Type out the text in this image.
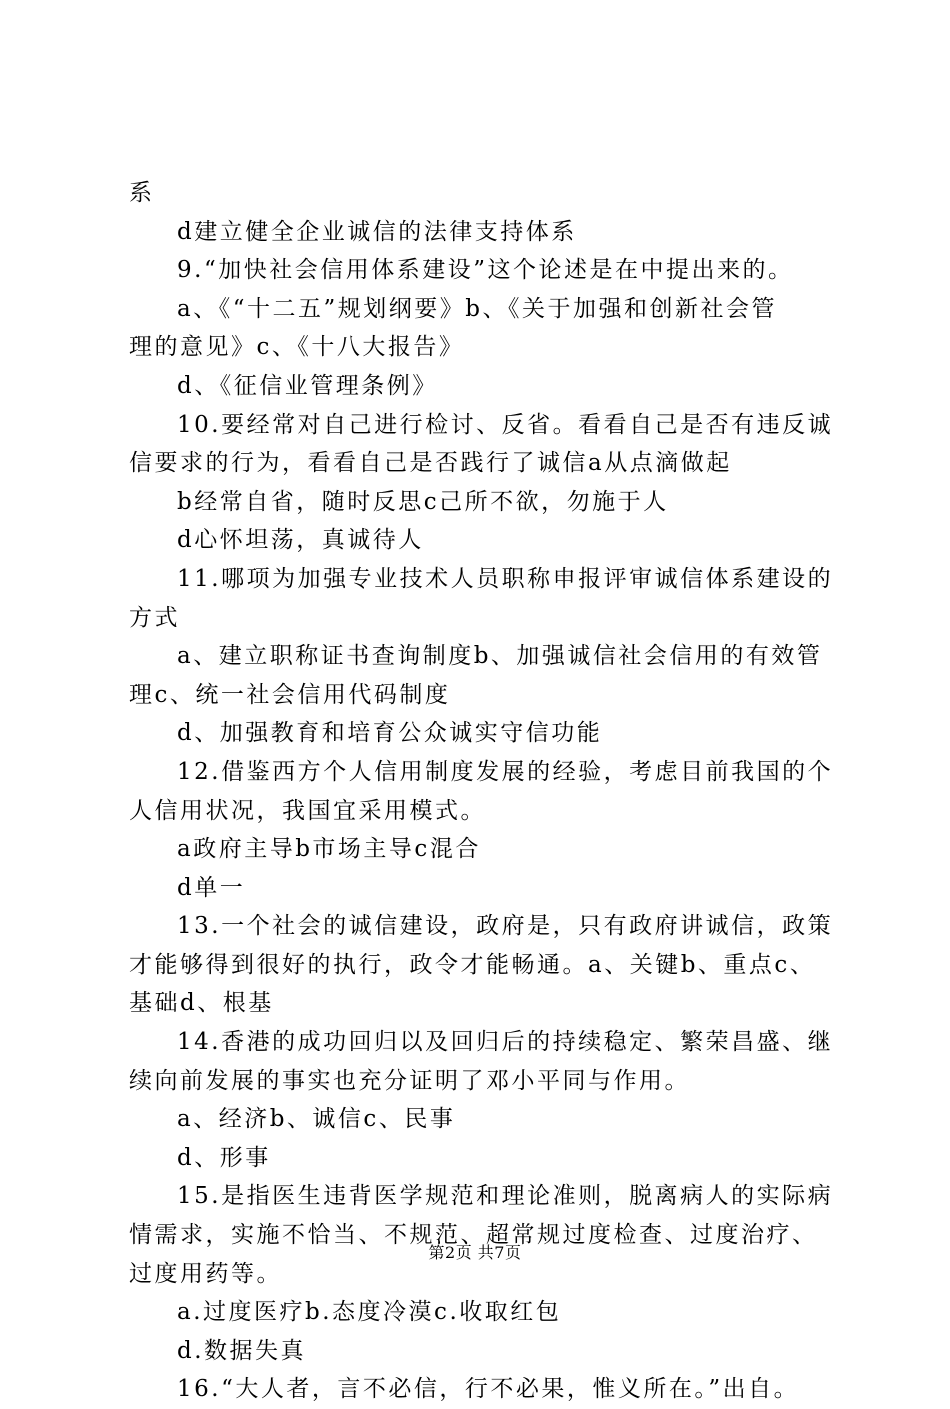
系
d建立健全企业诚信的法律支持体系
9.“加快社会信用体系建设”这个论述是在中提出来的。
a、《“十二五”规划纲要》b、《关于加强和创新社会管
理的意见》c、《十八大报告》
d、《征信业管理条例》
10.要经常对自己进行检讨、反省。看看自己是否有违反诚
信要求的行为，看看自己是否践行了诚信a从点滴做起
b经常自省，随时反思c己所不欲，勿施于人
d心怀坦荡，真诚待人
11.哪项为加强专业技术人员职称申报评审诚信体系建设的
方式
a、建立职称证书查询制度b、加强诚信社会信用的有效管
理c、统一社会信用代码制度
d、加强教育和培育公众诚实守信功能
12.借鉴西方个人信用制度发展的经验，考虑目前我国的个
人信用状况，我国宜采用模式。
a政府主导b市场主导c混合
d单一
13.一个社会的诚信建设，政府是，只有政府讲诚信，政策
才能够得到很好的执行，政令才能畅通。a、关键b、重点c、
基础d、根基
14.香港的成功回归以及回归后的持续稳定、繁荣昌盛、继
续向前发展的事实也充分证明了邓小平同与作用。
a、经济b、诚信c、民事
d、形事
15.是指医生违背医学规范和理论准则，脱离病人的实际病
情需求，实施不恰当、不规范、超常规过度检查、过度治疗、
过度用药等。
a.过度医疗b.态度冷漠c.收取红包
d.数据失真
16.“大人者，言不必信，行不必果，惟义所在。”出自。
第2页 共7页
